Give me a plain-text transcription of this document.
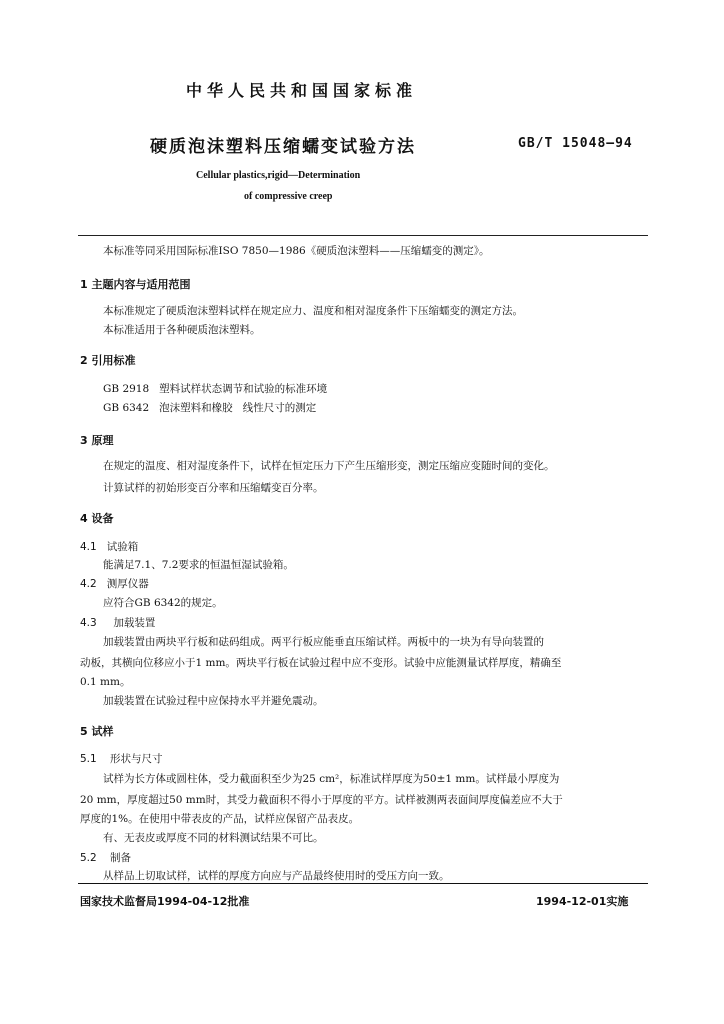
中华人民共和国国家标准
硬质泡沫塑料压缩蠕变试验方法	GB/T 15048—94
Cellular plastics,rigid—Determination
of compressive creep
本标准等同采用国际标准ISO 7850—1986《硬质泡沫塑料——压缩蠕变的测定》。
1 主题内容与适用范围
本标准规定了硬质泡沫塑料试样在规定应力、温度和相对湿度条件下压缩蠕变的测定方法。
本标准适用于各种硬质泡沫塑料。
2 引用标准
GB 2918   塑料试样状态调节和试验的标准环境
GB 6342   泡沫塑料和橡胶   线性尺寸的测定
3 原理
在规定的温度、相对湿度条件下，试样在恒定压力下产生压缩形变，测定压缩应变随时间的变化。
计算试样的初始形变百分率和压缩蠕变百分率。
4 设备
4.1   试验箱
能满足7.1、7.2要求的恒温恒湿试验箱。
4.2   测厚仪器
应符合GB 6342的规定。
4.3     加载装置
加载装置由两块平行板和砝码组成。两平行板应能垂直压缩试样。两板中的一块为有导向装置的
动板，其横向位移应小于1 mm。两块平行板在试验过程中应不变形。试验中应能测量试样厚度，精确至
0.1 mm。
加载装置在试验过程中应保持水平并避免震动。
5 试样
5.1    形状与尺寸
试样为长方体或圆柱体，受力截面积至少为25 cm²，标准试样厚度为50±1 mm。试样最小厚度为
20 mm，厚度超过50 mm时，其受力截面积不得小于厚度的平方。试样被测两表面间厚度偏差应不大于
厚度的1%。在使用中带表皮的产品，试样应保留产品表皮。
有、无表皮或厚度不同的材料测试结果不可比。
5.2    制备
从样品上切取试样，试样的厚度方向应与产品最终使用时的受压方向一致。
国家技术监督局1994-04-12批准	1994-12-01实施
